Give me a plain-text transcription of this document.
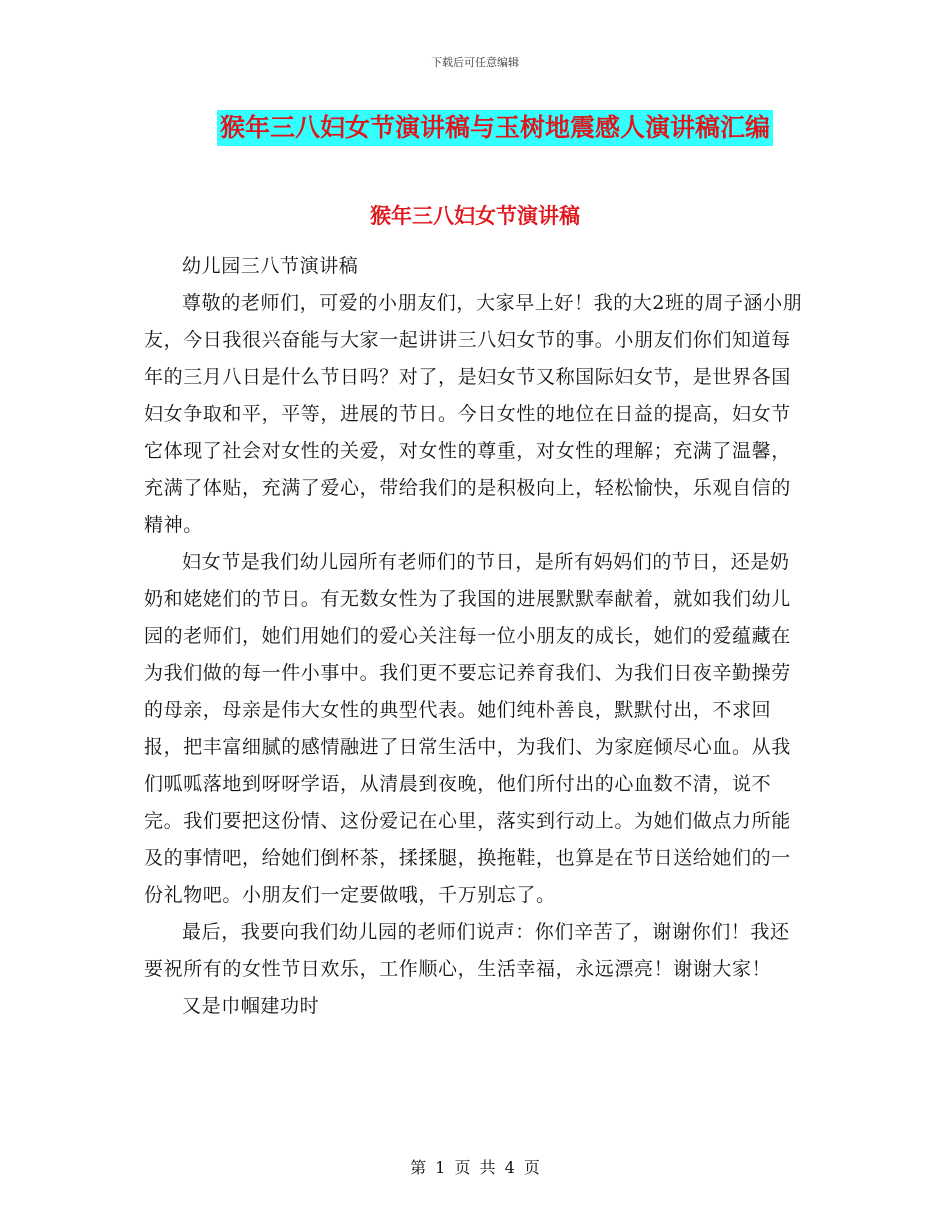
下载后可任意编辑
猴年三八妇女节演讲稿与玉树地震感人演讲稿汇编
猴年三八妇女节演讲稿

幼儿园三八节演讲稿

尊敬的老师们，可爱的小朋友们，大家早上好！我的大2班的周子涵小朋友，今日我很兴奋能与大家一起讲讲三八妇女节的事。小朋友们你们知道每年的三月八日是什么节日吗？对了，是妇女节又称国际妇女节，是世界各国妇女争取和平，平等，进展的节日。今日女性的地位在日益的提高，妇女节它体现了社会对女性的关爱，对女性的尊重，对女性的理解；充满了温馨，充满了体贴，充满了爱心，带给我们的是积极向上，轻松愉快，乐观自信的精神。

妇女节是我们幼儿园所有老师们的节日，是所有妈妈们的节日，还是奶奶和姥姥们的节日。有无数女性为了我国的进展默默奉献着，就如我们幼儿园的老师们，她们用她们的爱心关注每一位小朋友的成长，她们的爱蕴藏在为我们做的每一件小事中。我们更不要忘记养育我们、为我们日夜辛勤操劳的母亲，母亲是伟大女性的典型代表。她们纯朴善良，默默付出，不求回报，把丰富细腻的感情融进了日常生活中，为我们、为家庭倾尽心血。从我们呱呱落地到呀呀学语，从清晨到夜晚，他们所付出的心血数不清，说不完。我们要把这份情、这份爱记在心里，落实到行动上。为她们做点力所能及的事情吧，给她们倒杯茶，揉揉腿，换拖鞋，也算是在节日送给她们的一份礼物吧。小朋友们一定要做哦，千万别忘了。

最后，我要向我们幼儿园的老师们说声：你们辛苦了，谢谢你们！我还要祝所有的女性节日欢乐，工作顺心，生活幸福，永远漂亮！谢谢大家！

又是巾帼建功时

第 1 页 共 4 页
